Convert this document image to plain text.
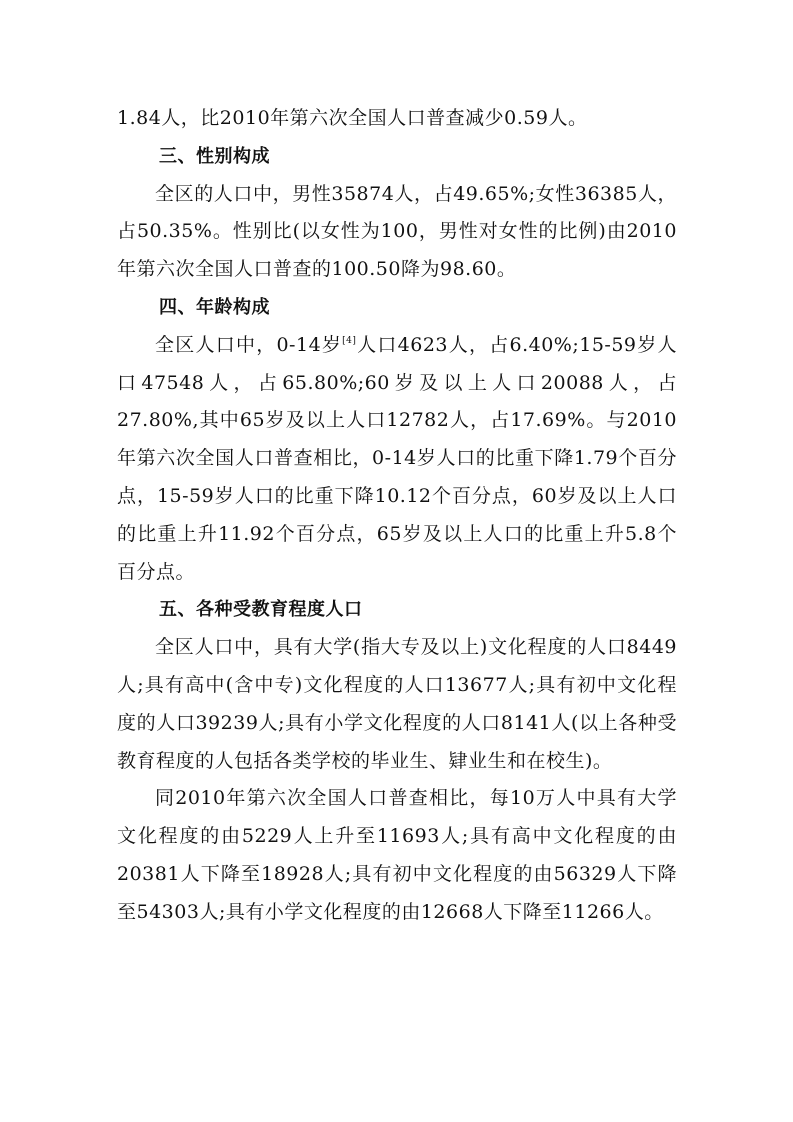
1.84人，比2010年第六次全国人口普查减少0.59人。

三、性别构成

全区的人口中，男性35874人，占49.65%;女性36385人，占50.35%。性别比(以女性为100，男性对女性的比例)由2010年第六次全国人口普查的100.50降为98.60。

四、年龄构成

全区人口中，0-14岁[4]人口4623人，占6.40%;15-59岁人口47548人，占65.80%;60岁及以上人口20088人，占27.80%,其中65岁及以上人口12782人，占17.69%。与2010年第六次全国人口普查相比，0-14岁人口的比重下降1.79个百分点，15-59岁人口的比重下降10.12个百分点，60岁及以上人口的比重上升11.92个百分点，65岁及以上人口的比重上升5.8个百分点。

五、各种受教育程度人口

全区人口中，具有大学(指大专及以上)文化程度的人口8449人;具有高中(含中专)文化程度的人口13677人;具有初中文化程度的人口39239人;具有小学文化程度的人口8141人(以上各种受教育程度的人包括各类学校的毕业生、肄业生和在校生)。

同2010年第六次全国人口普查相比，每10万人中具有大学文化程度的由5229人上升至11693人;具有高中文化程度的由20381人下降至18928人;具有初中文化程度的由56329人下降至54303人;具有小学文化程度的由12668人下降至11266人。
